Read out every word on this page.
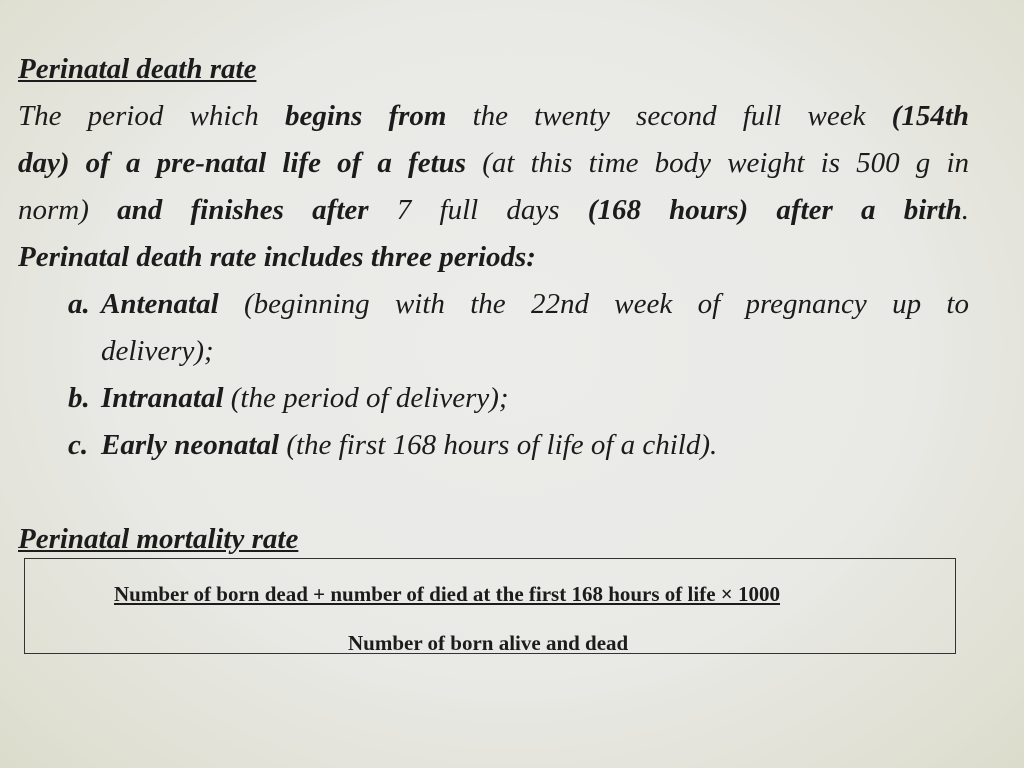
Perinatal death rate
The period which begins from the twenty second full week (154th
day) of a pre-natal life of a fetus (at this time body weight is 500 g in
norm) and finishes after 7 full days (168 hours) after a birth.
Perinatal death rate includes three periods:
a. Antenatal (beginning with the 22nd week of pregnancy up to
delivery);
b. Intranatal (the period of delivery);
c. Early neonatal (the first 168 hours of life of a child).
Perinatal mortality rate
Number of born dead + number of died at the first 168 hours of life × 1000
Number of born alive and dead
